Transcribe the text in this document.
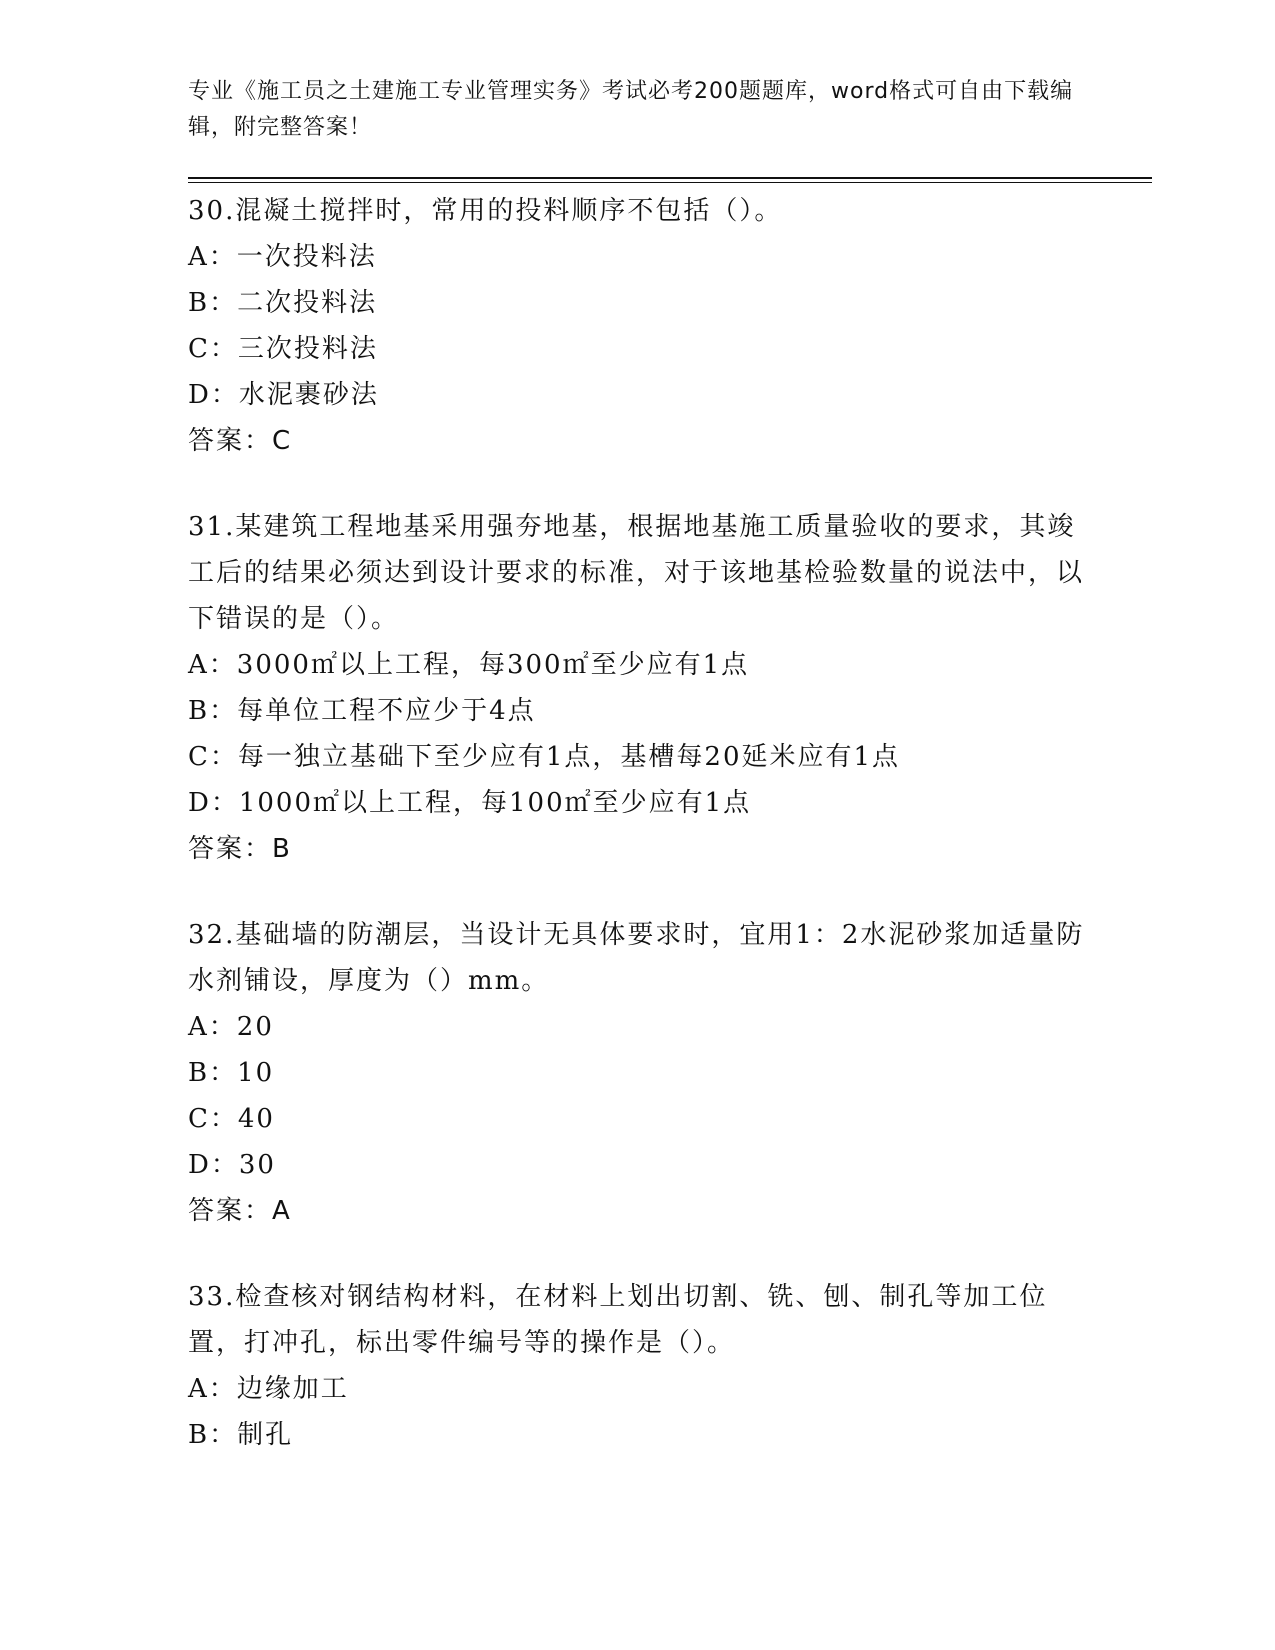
专业《施工员之土建施工专业管理实务》考试必考200题题库，word格式可自由下载编辑，附完整答案！
30.混凝土搅拌时，常用的投料顺序不包括（）。
A：一次投料法
B：二次投料法
C：三次投料法
D：水泥裹砂法
答案：C
31.某建筑工程地基采用强夯地基，根据地基施工质量验收的要求，其竣工后的结果必须达到设计要求的标准，对于该地基检验数量的说法中，以下错误的是（）。
A：3000㎡以上工程，每300㎡至少应有1点
B：每单位工程不应少于4点
C：每一独立基础下至少应有1点，基槽每20延米应有1点
D：1000㎡以上工程，每100㎡至少应有1点
答案：B
32.基础墙的防潮层，当设计无具体要求时，宜用1：2水泥砂浆加适量防水剂铺设，厚度为（）mm。
A：20
B：10
C：40
D：30
答案：A
33.检查核对钢结构材料，在材料上划出切割、铣、刨、制孔等加工位置，打冲孔，标出零件编号等的操作是（）。
A：边缘加工
B：制孔
